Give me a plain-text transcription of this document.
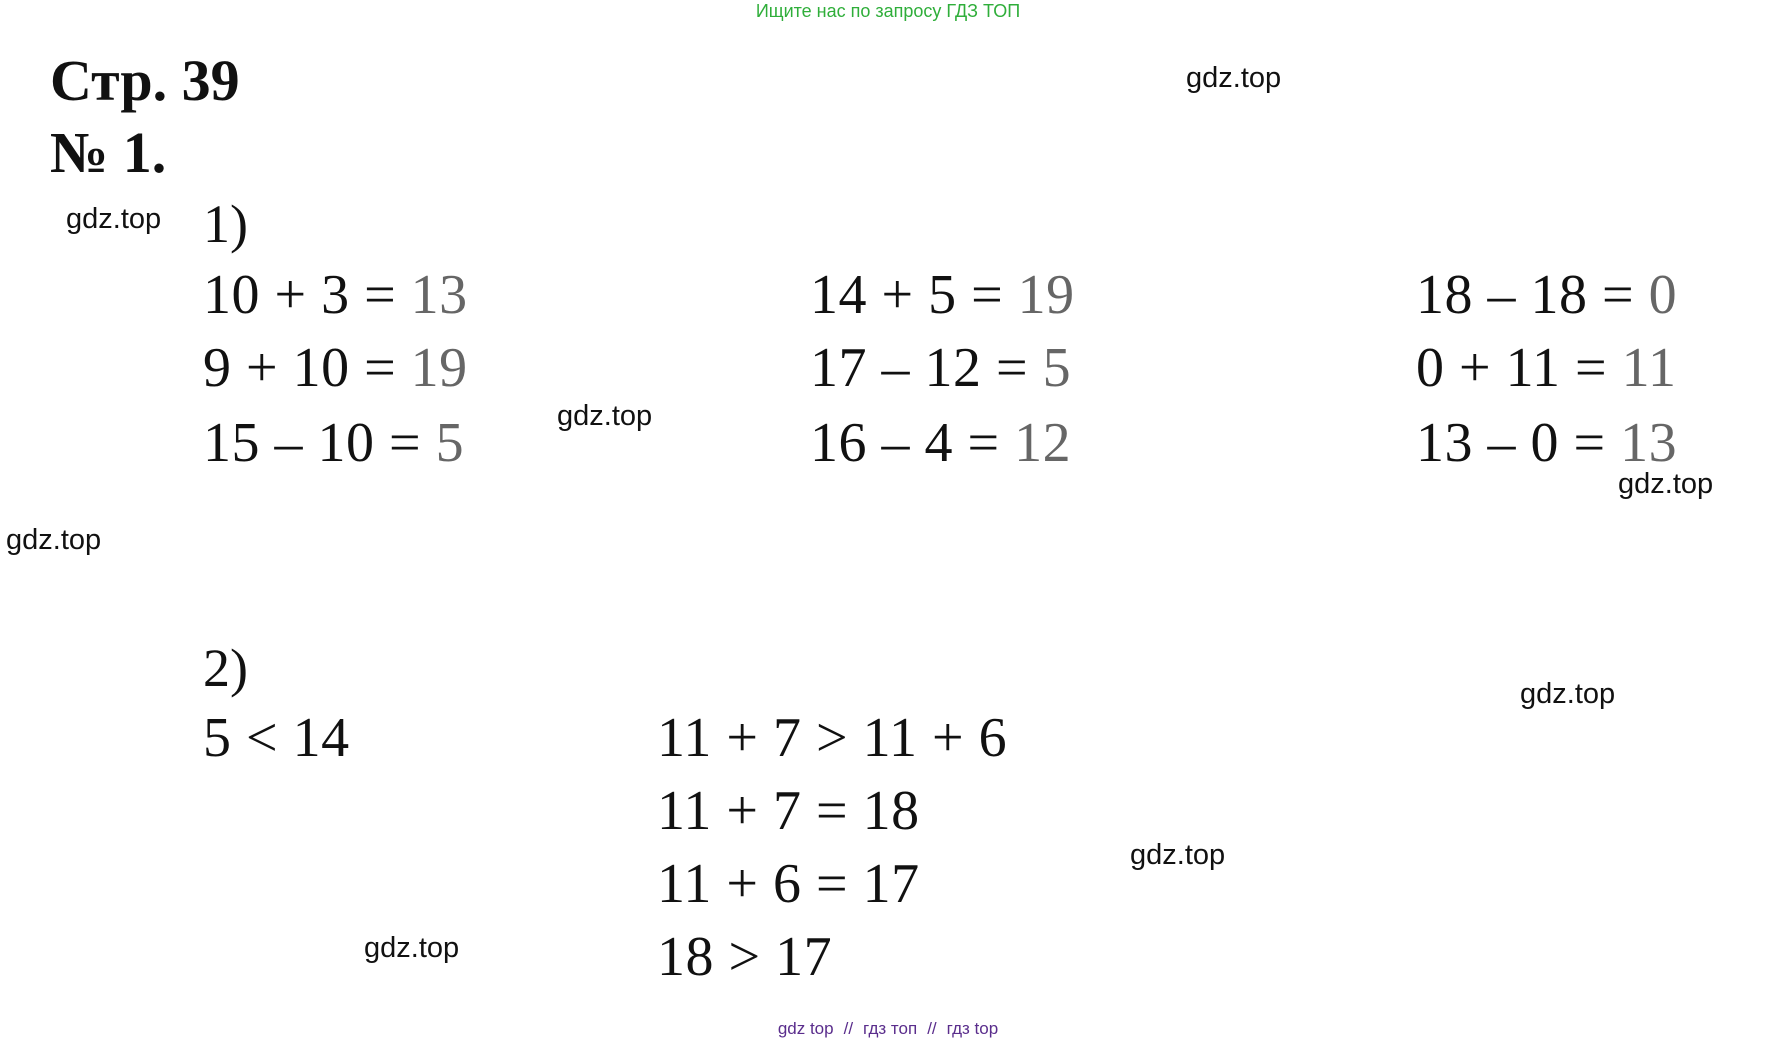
Ищите нас по запросу ГДЗ ТОП
Стр. 39
№ 1.
1)
10 + 3 = 13
9 + 10 = 19
15 – 10 = 5
14 + 5 = 19
17 – 12 = 5
16 – 4 = 12
18 – 18 = 0
0 + 11 = 11
13 – 0 = 13
2)
5 < 14	11 + 7 > 11 + 6
11 + 7 = 18
11 + 6 = 17
18 > 17
gdz.top
gdz.top
gdz.top
gdz.top
gdz.top
gdz.top
gdz.top
gdz.top
gdz top // гдз топ // гдз top
